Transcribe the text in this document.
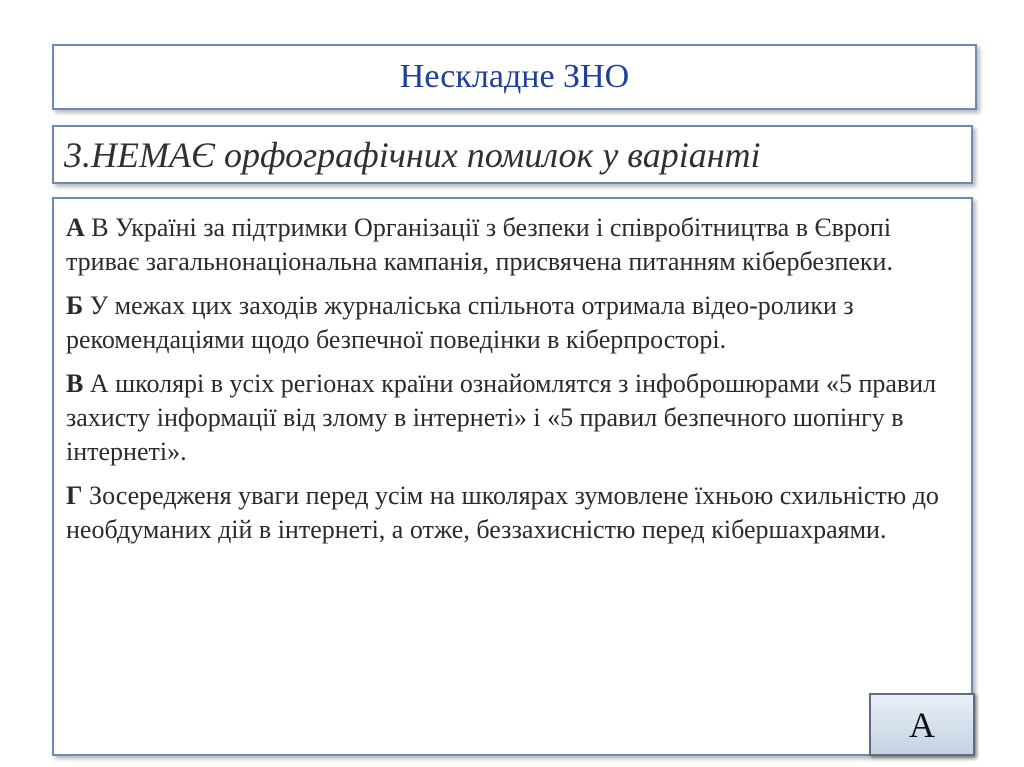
Нескладне ЗНО
3.НЕМАЄ орфографічних помилок у варіанті

А В Україні за підтримки Організації з безпеки і співробітництва в Європі триває загальнонаціональна кампанія, присвячена питанням кібербезпеки.

Б У межах цих заходів журналіська спільнота отримала відео-ролики з рекомендаціями щодо безпечної поведінки в кіберпросторі.

В А школярі в усіх регіонах країни ознайомлятся з інфоброшюрами «5 правил захисту інформації від злому в інтернеті» і «5 правил безпечного шопінгу в інтернеті».

Г Зосередженя уваги перед усім на школярах зумовлене їхньою схильністю до необдуманих дій в інтернеті, а отже, беззахисністю перед кібершахраями.

А
